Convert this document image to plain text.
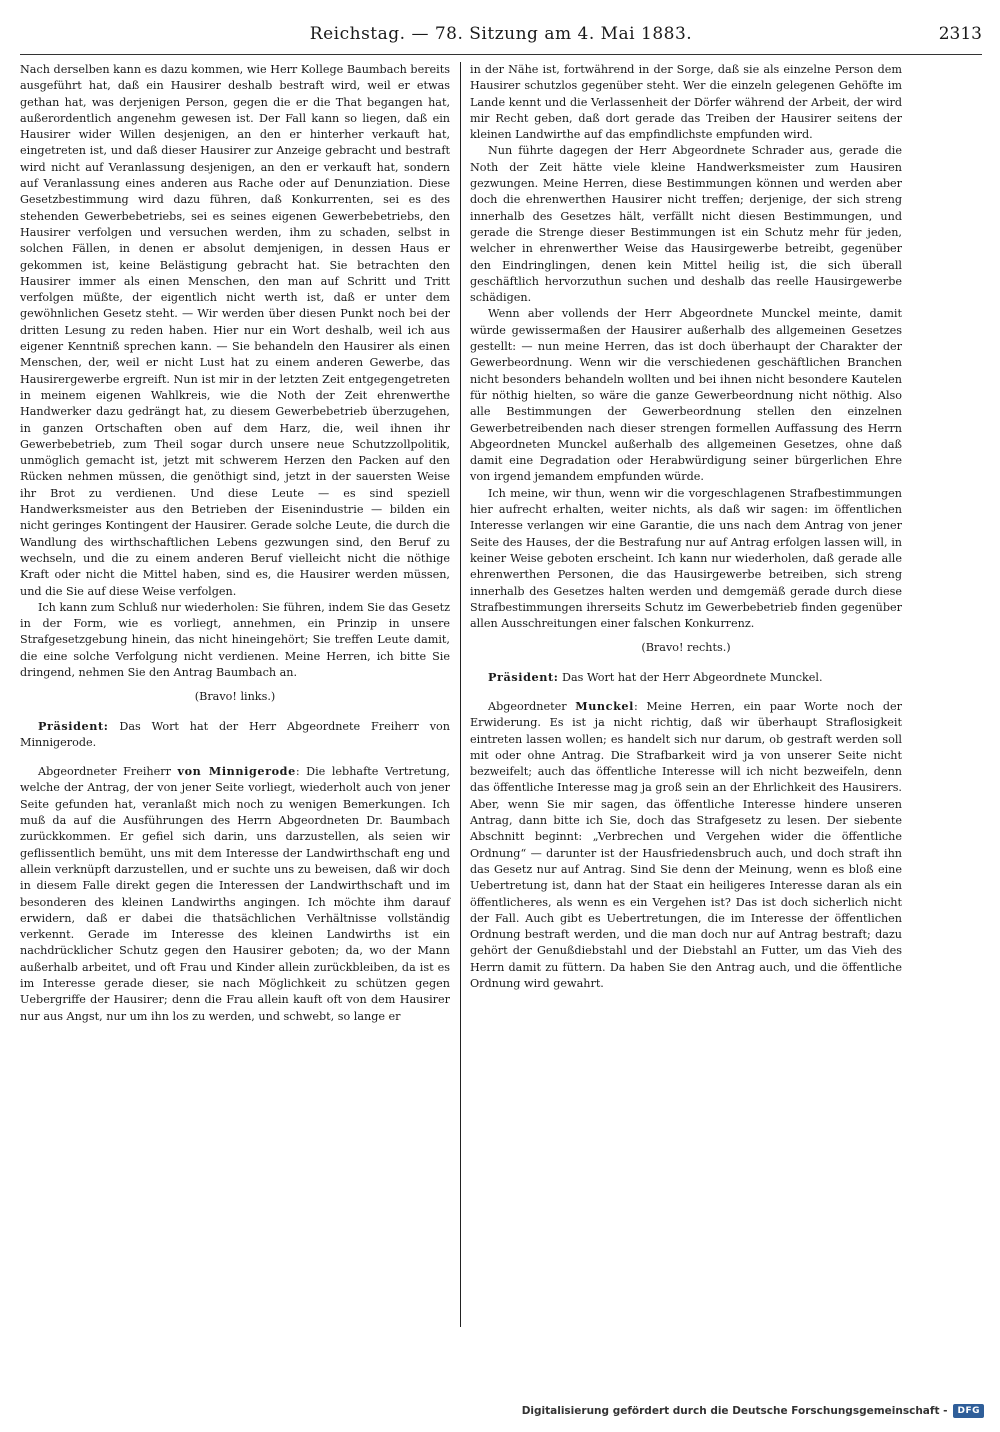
Reichstag. — 78. Sitzung am 4. Mai 1883.	2313

Nach derselben kann es dazu kommen, wie Herr Kollege Baumbach bereits ausgeführt hat, daß ein Hausirer deshalb bestraft wird, weil er etwas gethan hat, was derjenigen Person, gegen die er die That begangen hat, außerordentlich angenehm gewesen ist. Der Fall kann so liegen, daß ein Hausirer wider Willen desjenigen, an den er hinterher verkauft hat, eingetreten ist, und daß dieser Hausirer zur Anzeige gebracht und bestraft wird nicht auf Veranlassung desjenigen, an den er verkauft hat, sondern auf Veranlassung eines anderen aus Rache oder auf Denunziation. Diese Gesetzbestimmung wird dazu führen, daß Konkurrenten, sei es des stehenden Gewerbebetriebs, sei es seines eigenen Gewerbebetriebs, den Hausirer verfolgen und versuchen werden, ihm zu schaden, selbst in solchen Fällen, in denen er absolut demjenigen, in dessen Haus er gekommen ist, keine Belästigung gebracht hat. Sie betrachten den Hausirer immer als einen Menschen, den man auf Schritt und Tritt verfolgen müßte, der eigentlich nicht werth ist, daß er unter dem gewöhnlichen Gesetz steht. — Wir werden über diesen Punkt noch bei der dritten Lesung zu reden haben. Hier nur ein Wort deshalb, weil ich aus eigener Kenntniß sprechen kann. — Sie behandeln den Hausirer als einen Menschen, der, weil er nicht Lust hat zu einem anderen Gewerbe, das Hausirergewerbe ergreift. Nun ist mir in der letzten Zeit entgegengetreten in meinem eigenen Wahlkreis, wie die Noth der Zeit ehrenwerthe Handwerker dazu gedrängt hat, zu diesem Gewerbebetrieb überzugehen, in ganzen Ortschaften oben auf dem Harz, die, weil ihnen ihr Gewerbebetrieb, zum Theil sogar durch unsere neue Schutzzollpolitik, unmöglich gemacht ist, jetzt mit schwerem Herzen den Packen auf den Rücken nehmen müssen, die genöthigt sind, jetzt in der sauersten Weise ihr Brot zu verdienen. Und diese Leute — es sind speziell Handwerksmeister aus den Betrieben der Eisenindustrie — bilden ein nicht geringes Kontingent der Hausirer. Gerade solche Leute, die durch die Wandlung des wirthschaftlichen Lebens gezwungen sind, den Beruf zu wechseln, und die zu einem anderen Beruf vielleicht nicht die nöthige Kraft oder nicht die Mittel haben, sind es, die Hausirer werden müssen, und die Sie auf diese Weise verfolgen.

Ich kann zum Schluß nur wiederholen: Sie führen, indem Sie das Gesetz in der Form, wie es vorliegt, annehmen, ein Prinzip in unsere Strafgesetzgebung hinein, das nicht hineingehört; Sie treffen Leute damit, die eine solche Verfolgung nicht verdienen. Meine Herren, ich bitte Sie dringend, nehmen Sie den Antrag Baumbach an.

(Bravo! links.)

Präsident: Das Wort hat der Herr Abgeordnete Freiherr von Minnigerode.

Abgeordneter Freiherr von Minnigerode: Die lebhafte Vertretung, welche der Antrag, der von jener Seite vorliegt, wiederholt auch von jener Seite gefunden hat, veranlaßt mich noch zu wenigen Bemerkungen. Ich muß da auf die Ausführungen des Herrn Abgeordneten Dr. Baumbach zurückkommen. Er gefiel sich darin, uns darzustellen, als seien wir geflissentlich bemüht, uns mit dem Interesse der Landwirthschaft eng und allein verknüpft darzustellen, und er suchte uns zu beweisen, daß wir doch in diesem Falle direkt gegen die Interessen der Landwirthschaft und im besonderen des kleinen Landwirths angingen. Ich möchte ihm darauf erwidern, daß er dabei die thatsächlichen Verhältnisse vollständig verkennt. Gerade im Interesse des kleinen Landwirths ist ein nachdrücklicher Schutz gegen den Hausirer geboten; da, wo der Mann außerhalb arbeitet, und oft Frau und Kinder allein zurückbleiben, da ist es im Interesse gerade dieser, sie nach Möglichkeit zu schützen gegen Uebergriffe der Hausirer; denn die Frau allein kauft oft von dem Hausirer nur aus Angst, nur um ihn los zu werden, und schwebt, so lange er

in der Nähe ist, fortwährend in der Sorge, daß sie als einzelne Person dem Hausirer schutzlos gegenüber steht. Wer die einzeln gelegenen Gehöfte im Lande kennt und die Verlassenheit der Dörfer während der Arbeit, der wird mir Recht geben, daß dort gerade das Treiben der Hausirer seitens der kleinen Landwirthe auf das empfindlichste empfunden wird.

Nun führte dagegen der Herr Abgeordnete Schrader aus, gerade die Noth der Zeit hätte viele kleine Handwerksmeister zum Hausiren gezwungen. Meine Herren, diese Bestimmungen können und werden aber doch die ehrenwerthen Hausirer nicht treffen; derjenige, der sich streng innerhalb des Gesetzes hält, verfällt nicht diesen Bestimmungen, und gerade die Strenge dieser Bestimmungen ist ein Schutz mehr für jeden, welcher in ehrenwerther Weise das Hausirgewerbe betreibt, gegenüber den Eindringlingen, denen kein Mittel heilig ist, die sich überall geschäftlich hervorzuthun suchen und deshalb das reelle Hausirgewerbe schädigen.

Wenn aber vollends der Herr Abgeordnete Munckel meinte, damit würde gewissermaßen der Hausirer außerhalb des allgemeinen Gesetzes gestellt: — nun meine Herren, das ist doch überhaupt der Charakter der Gewerbeordnung. Wenn wir die verschiedenen geschäftlichen Branchen nicht besonders behandeln wollten und bei ihnen nicht besondere Kautelen für nöthig hielten, so wäre die ganze Gewerbeordnung nicht nöthig. Also alle Bestimmungen der Gewerbeordnung stellen den einzelnen Gewerbetreibenden nach dieser strengen formellen Auffassung des Herrn Abgeordneten Munckel außerhalb des allgemeinen Gesetzes, ohne daß damit eine Degradation oder Herabwürdigung seiner bürgerlichen Ehre von irgend jemandem empfunden würde.

Ich meine, wir thun, wenn wir die vorgeschlagenen Strafbestimmungen hier aufrecht erhalten, weiter nichts, als daß wir sagen: im öffentlichen Interesse verlangen wir eine Garantie, die uns nach dem Antrag von jener Seite des Hauses, der die Bestrafung nur auf Antrag erfolgen lassen will, in keiner Weise geboten erscheint. Ich kann nur wiederholen, daß gerade alle ehrenwerthen Personen, die das Hausirgewerbe betreiben, sich streng innerhalb des Gesetzes halten werden und demgemäß gerade durch diese Strafbestimmungen ihrerseits Schutz im Gewerbebetrieb finden gegenüber allen Ausschreitungen einer falschen Konkurrenz.

(Bravo! rechts.)

Präsident: Das Wort hat der Herr Abgeordnete Munckel.

Abgeordneter Munckel: Meine Herren, ein paar Worte noch der Erwiderung. Es ist ja nicht richtig, daß wir überhaupt Straflosigkeit eintreten lassen wollen; es handelt sich nur darum, ob gestraft werden soll mit oder ohne Antrag. Die Strafbarkeit wird ja von unserer Seite nicht bezweifelt; auch das öffentliche Interesse will ich nicht bezweifeln, denn das öffentliche Interesse mag ja groß sein an der Ehrlichkeit des Hausirers. Aber, wenn Sie mir sagen, das öffentliche Interesse hindere unseren Antrag, dann bitte ich Sie, doch das Strafgesetz zu lesen. Der siebente Abschnitt beginnt: „Verbrechen und Vergehen wider die öffentliche Ordnung“ — darunter ist der Hausfriedensbruch auch, und doch straft ihn das Gesetz nur auf Antrag. Sind Sie denn der Meinung, wenn es bloß eine Uebertretung ist, dann hat der Staat ein heiligeres Interesse daran als ein öffentlicheres, als wenn es ein Vergehen ist? Das ist doch sicherlich nicht der Fall. Auch gibt es Uebertretungen, die im Interesse der öffentlichen Ordnung bestraft werden, und die man doch nur auf Antrag bestraft; dazu gehört der Genußdiebstahl und der Diebstahl an Futter, um das Vieh des Herrn damit zu füttern. Da haben Sie den Antrag auch, und die öffentliche Ordnung wird gewahrt.

Digitalisierung gefördert durch die Deutsche Forschungsgemeinschaft -	DFG
